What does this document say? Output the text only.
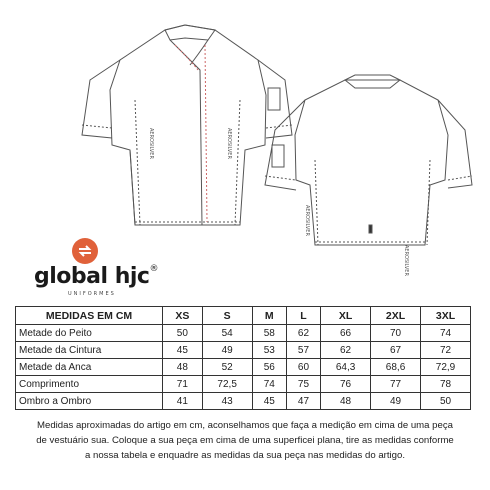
AEROSILVER	AEROSILVER
AEROSILVER
AEROSILVER
global hjc®
UNIFORMES
MEDIDAS EM CM	XS	S	M	L	XL	2XL	3XL
Metade do Peito	50	54	58	62	66	70	74
Metade da Cintura	45	49	53	57	62	67	72
Metade da Anca	48	52	56	60	64,3	68,6	72,9
Comprimento	71	72,5	74	75	76	77	78
Ombro a Ombro	41	43	45	47	48	49	50
Medidas aproximadas do artigo em cm, aconselhamos que faça a medição em cima de uma peça
de vestuário sua. Coloque a sua peça em cima de uma superficei plana, tire as medidas conforme
a nossa tabela e enquadre as medidas da sua peça nas medidas do artigo.
